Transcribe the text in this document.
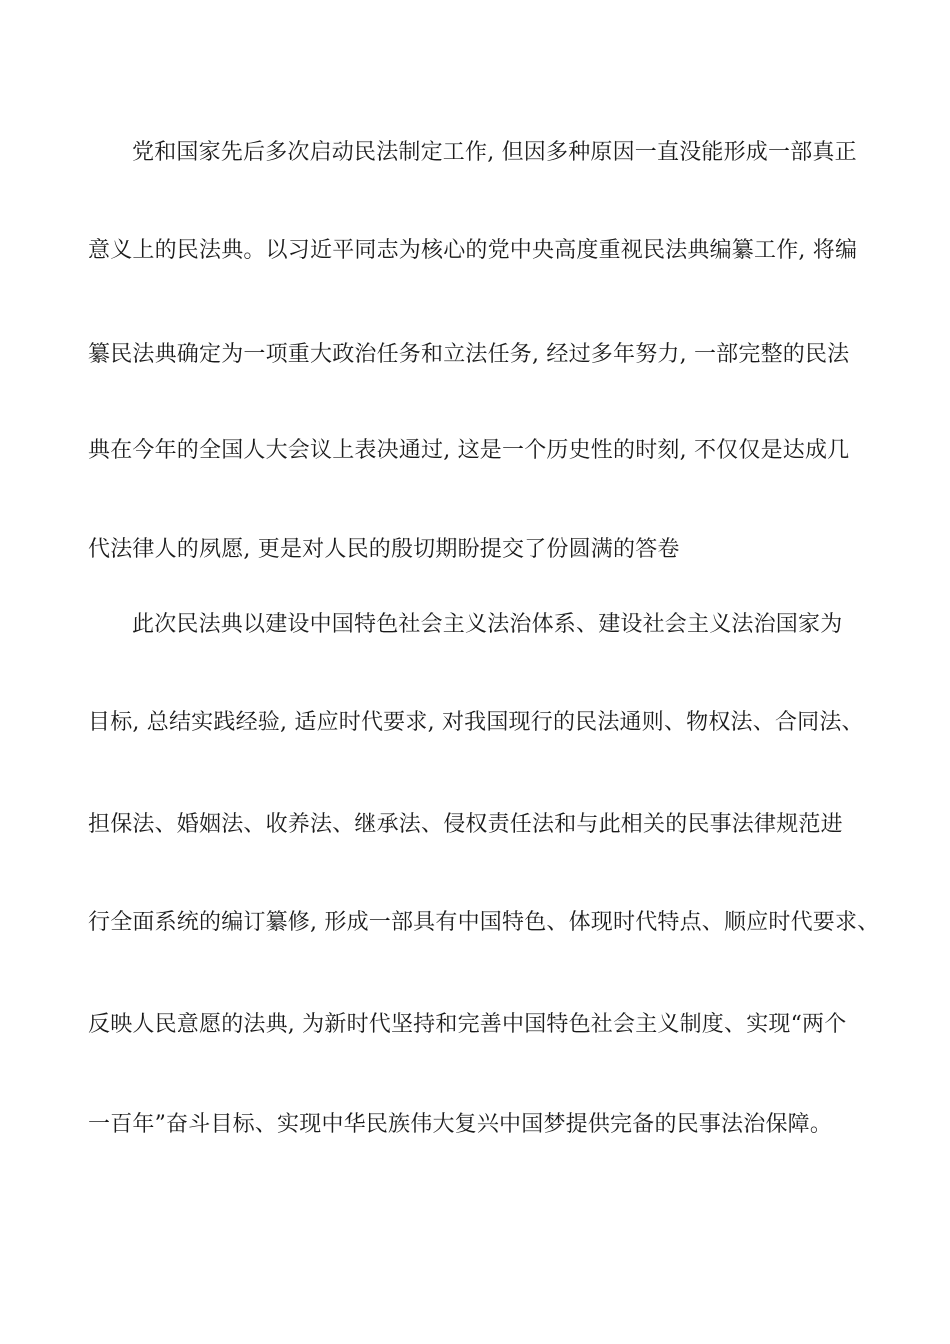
党和国家先后多次启动民法制定工作, 但因多种原因一直没能形成一部真正
意义上的民法典。以习近平同志为核心的党中央高度重视民法典编纂工作, 将编
纂民法典确定为一项重大政治任务和立法任务, 经过多年努力, 一部完整的民法
典在今年的全国人大会议上表决通过, 这是一个历史性的时刻, 不仅仅是达成几
代法律人的夙愿, 更是对人民的殷切期盼提交了份圆满的答卷
此次民法典以建设中国特色社会主义法治体系、建设社会主义法治国家为
目标, 总结实践经验, 适应时代要求, 对我国现行的民法通则、物权法、合同法、
担保法、婚姻法、收养法、继承法、侵权责任法和与此相关的民事法律规范进
行全面系统的编订纂修, 形成一部具有中国特色、体现时代特点、顺应时代要求、
反映人民意愿的法典, 为新时代坚持和完善中国特色社会主义制度、实现“两个
一百年”奋斗目标、实现中华民族伟大复兴中国梦提供完备的民事法治保障。
